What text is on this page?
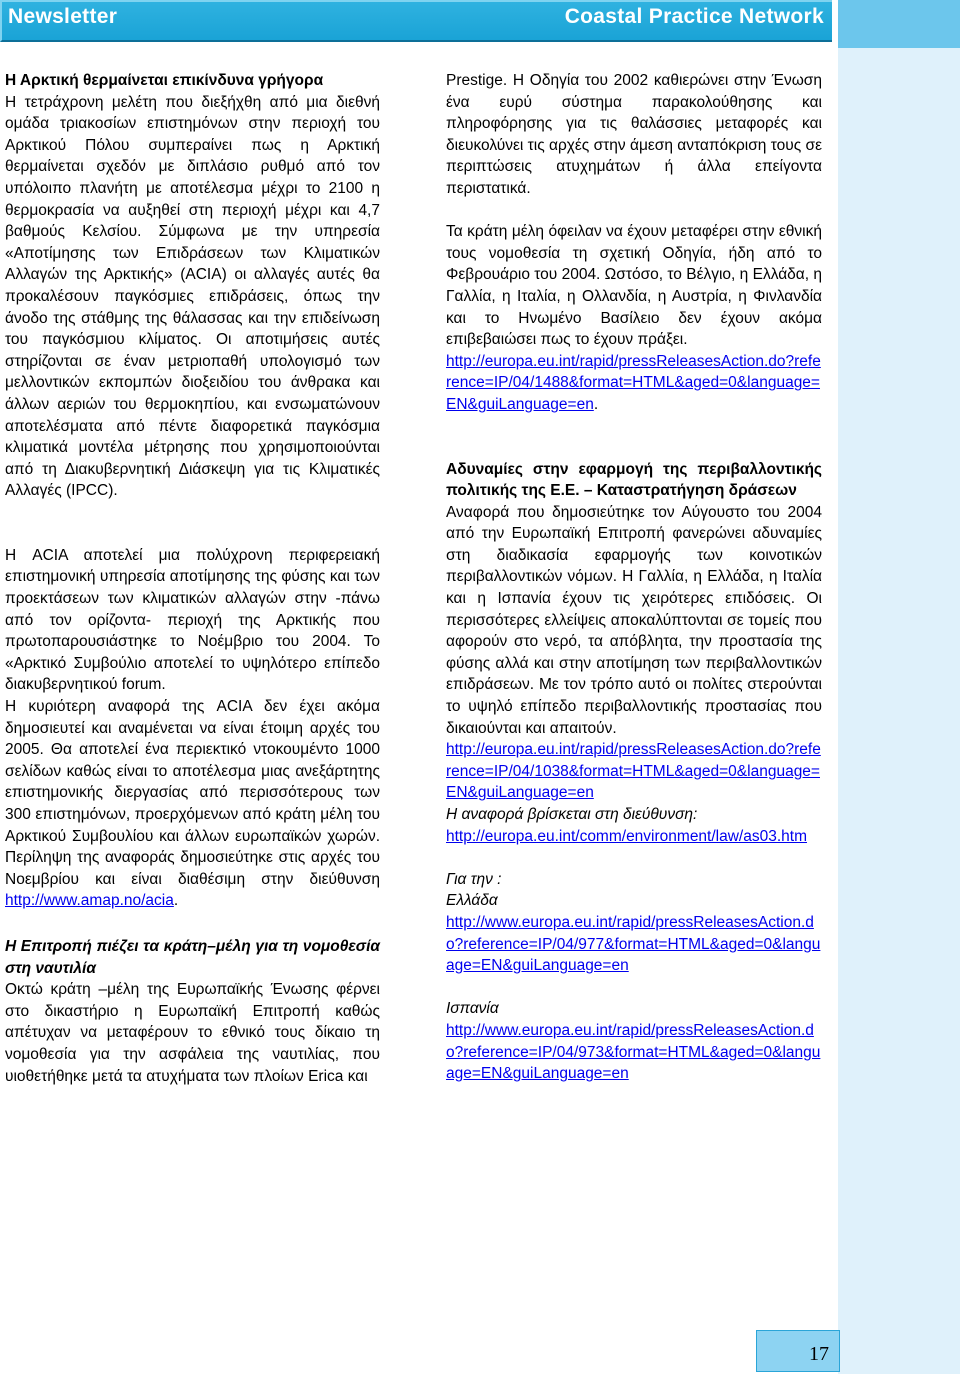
Newsletter	Coastal Practice Network

Η Αρκτική θερμαίνεται επικίνδυνα γρήγορα

Η τετράχρονη μελέτη που διεξήχθη από μια διεθνή ομάδα τριακοσίων επιστημόνων στην περιοχή του Αρκτικού Πόλου συμπεραίνει πως η Αρκτική θερμαίνεται σχεδόν με διπλάσιο ρυθμό από τον υπόλοιπο πλανήτη με αποτέλεσμα μέχρι το 2100 η θερμοκρασία να αυξηθεί στη περιοχή μέχρι και 4,7 βαθμούς Κελσίου. Σύμφωνα με την υπηρεσία «Αποτίμησης των Επιδράσεων των Κλιματικών Αλλαγών της Αρκτικής» (ACIA) οι αλλαγές αυτές θα προκαλέσουν παγκόσμιες επιδράσεις, όπως την άνοδο της στάθμης της θάλασσας και την επιδείνωση του παγκόσμιου κλίματος. Οι αποτιμήσεις αυτές στηρίζονται σε έναν μετριοπαθή υπολογισμό των μελλοντικών εκπομπών διοξειδίου του άνθρακα και άλλων αεριών του θερμοκηπίου, και ενσωματώνουν αποτελέσματα από πέντε διαφορετικά παγκόσμια κλιματικά μοντέλα μέτρησης που χρησιμοποιούνται από τη Διακυβερνητική Διάσκεψη για τις Κλιματικές Αλλαγές (IPCC).

Η ACIA αποτελεί μια πολύχρονη περιφερειακή επιστημονική υπηρεσία αποτίμησης της φύσης και των προεκτάσεων των κλιματικών αλλαγών στην -πάνω από τον ορίζοντα- περιοχή της Αρκτικής που πρωτοπαρουσιάστηκε το Νοέμβριο του 2004. Το «Αρκτικό Συμβούλιο αποτελεί το υψηλότερο επίπεδο διακυβερνητικού forum.

Η κυριότερη αναφορά της ACIA δεν έχει ακόμα δημοσιευτεί και αναμένεται να είναι έτοιμη αρχές του 2005. Θα αποτελεί ένα περιεκτικό ντοκουμέντο 1000 σελίδων καθώς είναι το αποτέλεσμα μιας ανεξάρτητης επιστημονικής διεργασίας από περισσότερους των 300 επιστημόνων, προερχόμενων από κράτη μέλη του Αρκτικού Συμβουλίου και άλλων ευρωπαϊκών χωρών. Περίληψη της αναφοράς δημοσιεύτηκε στις αρχές του Νοεμβρίου και είναι διαθέσιμη στην διεύθυνση http://www.amap.no/acia.

Η Επιτροπή πιέζει τα κράτη–μέλη για τη νομοθεσία στη ναυτιλία

Οκτώ κράτη –μέλη της Ευρωπαϊκής Ένωσης φέρνει στο δικαστήριο η Ευρωπαϊκή Επιτροπή καθώς απέτυχαν να μεταφέρουν το εθνικό τους δίκαιο τη νομοθεσία για την ασφάλεια της ναυτιλίας, που υιοθετήθηκε μετά τα ατυχήματα των πλοίων Erica και

Prestige. Η Οδηγία του 2002 καθιερώνει στην Ένωση ένα ευρύ σύστημα παρακολούθησης και πληροφόρησης για τις θαλάσσιες μεταφορές και διευκολύνει τις αρχές στην άμεση ανταπόκριση τους σε περιπτώσεις ατυχημάτων ή άλλα επείγοντα περιστατικά.

Τα κράτη μέλη όφειλαν να έχουν μεταφέρει στην εθνική τους νομοθεσία τη σχετική Οδηγία, ήδη από το Φεβρουάριο του 2004. Ωστόσο, το Βέλγιο, η Ελλάδα, η Γαλλία, η Ιταλία, η Ολλανδία, η Αυστρία, η Φινλανδία και το Ηνωμένο Βασίλειο δεν έχουν ακόμα επιβεβαιώσει πως το έχουν πράξει.

http://europa.eu.int/rapid/pressReleasesAction.do?reference=IP/04/1488&format=HTML&aged=0&language=EN&guiLanguage=en.

Αδυναμίες στην εφαρμογή της περιβαλλοντικής πολιτικής της Ε.Ε. – Καταστρατήγηση δράσεων

Αναφορά που δημοσιεύτηκε τον Αύγουστο του 2004 από την Ευρωπαϊκή Επιτροπή φανερώνει αδυναμίες στη διαδικασία εφαρμογής των κοινοτικών περιβαλλοντικών νόμων. Η Γαλλία, η Ελλάδα, η Ιταλία και η Ισπανία έχουν τις χειρότερες επιδόσεις. Οι περισσότερες ελλείψεις αποκαλύπτονται σε τομείς που αφορούν στο νερό, τα απόβλητα, την προστασία της φύσης αλλά και στην αποτίμηση των περιβαλλοντικών επιδράσεων. Με τον τρόπο αυτό οι πολίτες στερούνται το υψηλό επίπεδο περιβαλλοντικής προστασίας που δικαιούνται και απαιτούν.

http://europa.eu.int/rapid/pressReleasesAction.do?reference=IP/04/1038&format=HTML&aged=0&language=EN&guiLanguage=en

Η αναφορά βρίσκεται στη διεύθυνση:

http://europa.eu.int/comm/environment/law/as03.htm

Για την :

Ελλάδα

http://www.europa.eu.int/rapid/pressReleasesAction.do?reference=IP/04/977&format=HTML&aged=0&language=EN&guiLanguage=en

Ισπανία

http://www.europa.eu.int/rapid/pressReleasesAction.do?reference=IP/04/973&format=HTML&aged=0&language=EN&guiLanguage=en
17
